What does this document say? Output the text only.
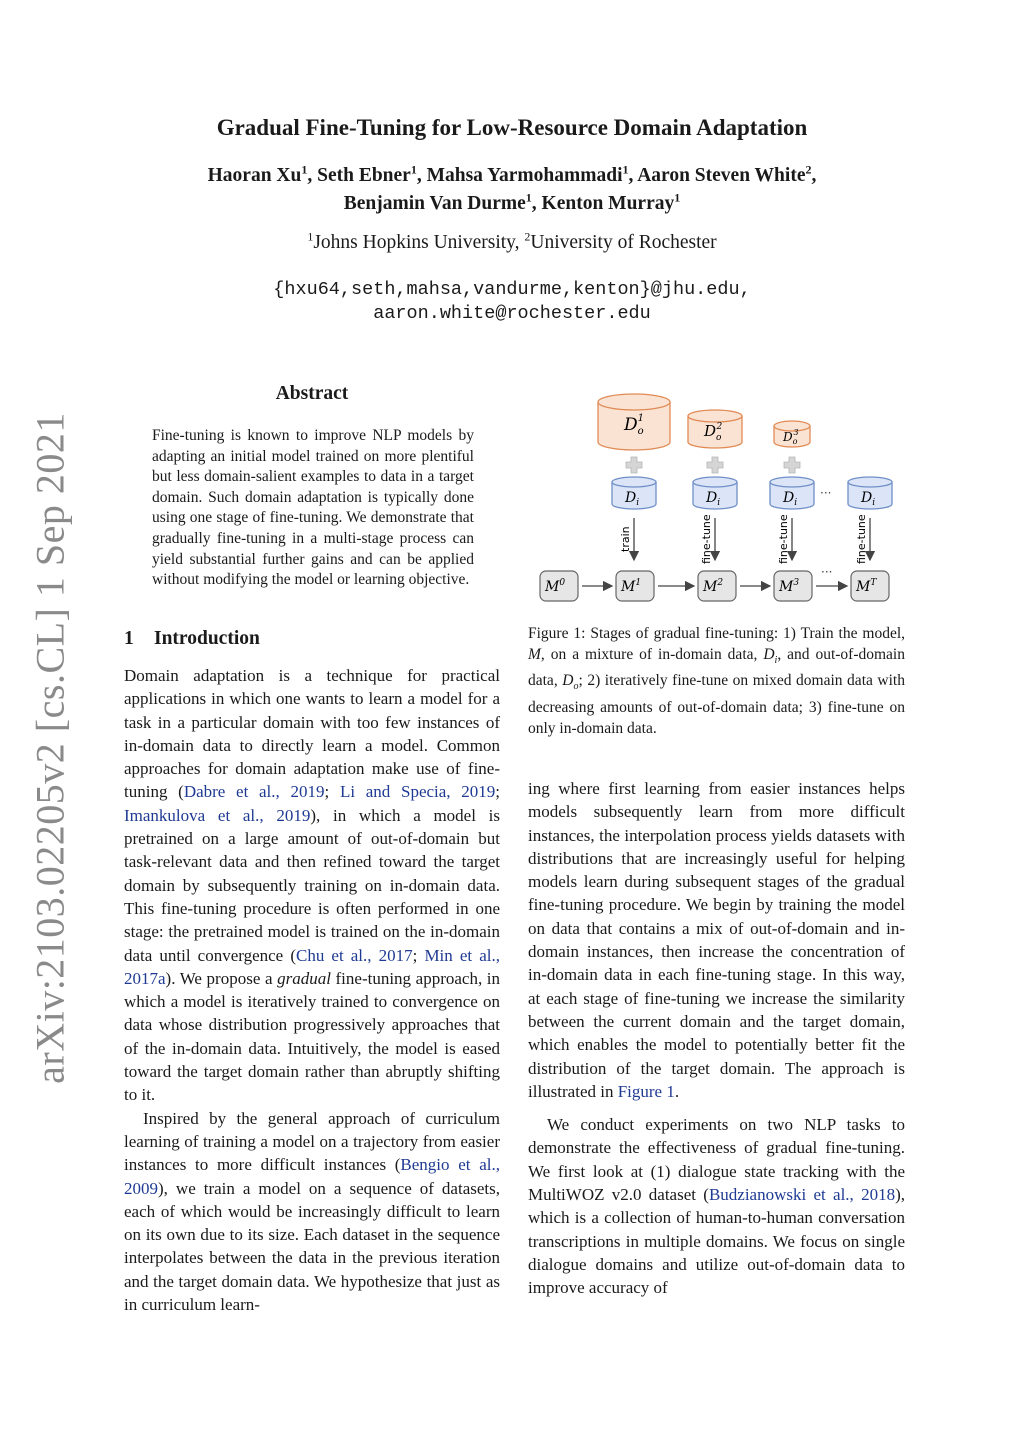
arXiv:2103.02205v2 [cs.CL] 1 Sep 2021
Gradual Fine-Tuning for Low-Resource Domain Adaptation
Haoran Xu$^1$, Seth Ebner$^1$, Mahsa Yarmohammadi$^1$, Aaron Steven White$^2$,
Benjamin Van Durme$^1$, Kenton Murray$^1$
$^1$Johns Hopkins University, $^2$University of Rochester
{hxu64,seth,mahsa,vandurme,kenton}@jhu.edu,
aaron.white@rochester.edu
Abstract
Fine-tuning is known to improve NLP models by adapting an initial model trained on more plentiful but less domain-salient examples to data in a target domain. Such domain adaptation is typically done using one stage of fine-tuning. We demonstrate that gradually fine-tuning in a multi-stage process can yield substantial further gains and can be applied without modifying the model or learning objective.
1 Introduction

Domain adaptation is a technique for practical applications in which one wants to learn a model for a task in a particular domain with too few instances of in-domain data to directly learn a model. Common approaches for domain adaptation make use of fine-tuning (Dabre et al., 2019; Li and Specia, 2019; Imankulova et al., 2019), in which a model is pretrained on a large amount of out-of-domain but task-relevant data and then refined toward the target domain by subsequently training on in-domain data. This fine-tuning procedure is often performed in one stage: the pretrained model is trained on the in-domain data until convergence (Chu et al., 2017; Min et al., 2017a). We propose a gradual fine-tuning approach, in which a model is iteratively trained to convergence on data whose distribution progressively approaches that of the in-domain data. Intuitively, the model is eased toward the target domain rather than abruptly shifting to it.

Inspired by the general approach of curriculum learning of training a model on a trajectory from easier instances to more difficult instances (Bengio et al., 2009), we train a model on a sequence of datasets, each of which would be increasingly difficult to learn on its own due to its size. Each dataset in the sequence interpolates between the data in the previous iteration and the target domain data. We hypothesize that just as in curriculum learn-

$D_o1$
$D_o2$
$D_o3$
$D_i$	$D_i$	$D_i$	$D_i$
···
train	fine-tune	fine-tune	fine-tune
$M^0$	$M^1$	$M^2$	$M^3$	$M^T$
···
Figure 1: Stages of gradual fine-tuning: 1) Train the model, M, on a mixture of in-domain data, $D_i$, and out-of-domain data, $D_o$; 2) iteratively fine-tune on mixed domain data with decreasing amounts of out-of-domain data; 3) fine-tune on only in-domain data.

ing where first learning from easier instances helps models subsequently learn from more difficult instances, the interpolation process yields datasets with distributions that are increasingly useful for helping models learn during subsequent stages of the gradual fine-tuning procedure. We begin by training the model on data that contains a mix of out-of-domain and in-domain instances, then increase the concentration of in-domain data in each fine-tuning stage. In this way, at each stage of fine-tuning we increase the similarity between the current domain and the target domain, which enables the model to potentially better fit the distribution of the target domain. The approach is illustrated in Figure 1.

We conduct experiments on two NLP tasks to demonstrate the effectiveness of gradual fine-tuning. We first look at (1) dialogue state tracking with the MultiWOZ v2.0 dataset (Budzianowski et al., 2018), which is a collection of human-to-human conversation transcriptions in multiple domains. We focus on single dialogue domains and utilize out-of-domain data to improve accuracy of
